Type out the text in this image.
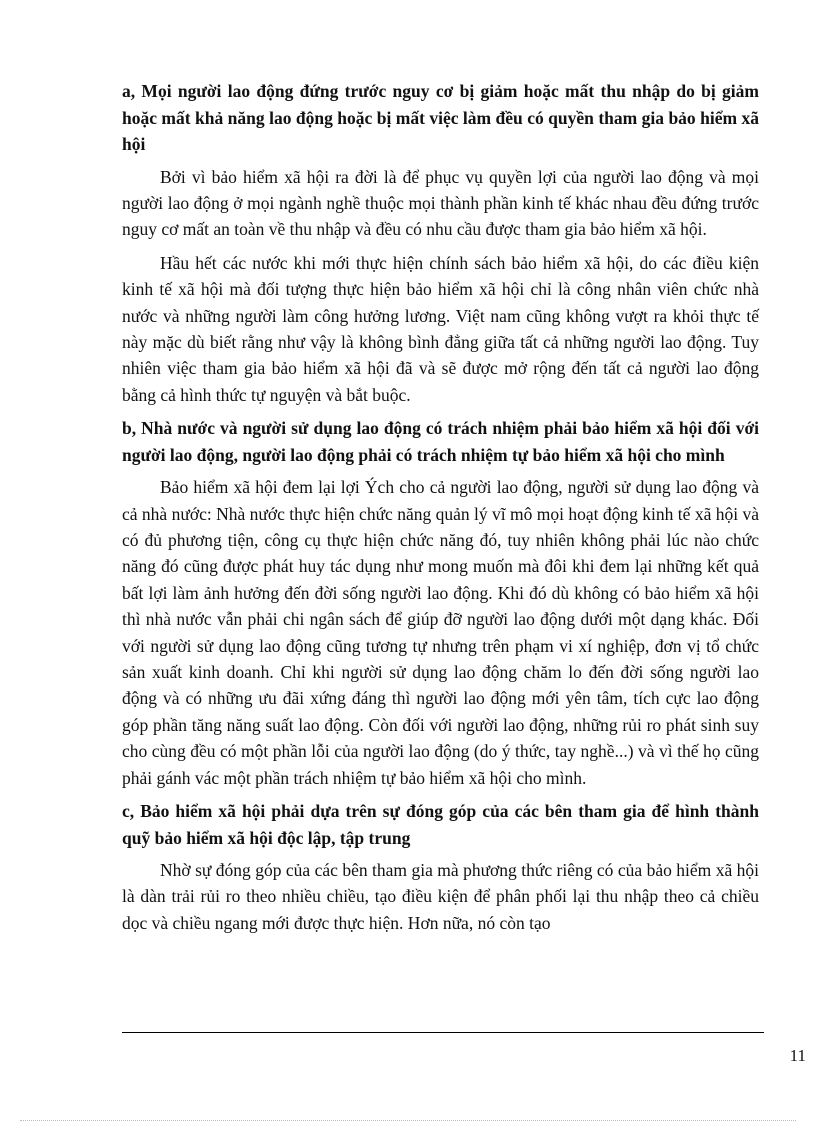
a, Mọi người lao động đứng trước nguy cơ bị giảm hoặc mất thu nhập do bị giảm hoặc mất khả năng lao động hoặc bị mất việc làm đều có quyền tham gia bảo hiểm xã hội

Bởi vì bảo hiểm xã hội ra đời là để phục vụ quyền lợi của người lao động và mọi người lao động ở mọi ngành nghề thuộc mọi thành phần kinh tế khác nhau đều đứng trước nguy cơ mất an toàn về thu nhập và đều có nhu cầu được tham gia bảo hiểm xã hội.

Hầu hết các nước khi mới thực hiện chính sách bảo hiểm xã hội, do các điều kiện kinh tế xã hội mà đối tượng thực hiện bảo hiểm xã hội chỉ là công nhân viên chức nhà nước và những người làm công hưởng lương. Việt nam cũng không vượt ra khỏi thực tế này mặc dù biết rằng như vậy là không bình đẳng giữa tất cả những người lao động. Tuy nhiên việc tham gia bảo hiểm xã hội đã và sẽ được mở rộng đến tất cả người lao động bằng cả hình thức tự nguyện và bắt buộc.

b, Nhà nước và người sử dụng lao động có trách nhiệm phải bảo hiểm xã hội đối với người lao động, người lao động phải có trách nhiệm tự bảo hiểm xã hội cho mình

Bảo hiểm xã hội đem lại lợi Ých cho cả người lao động, người sử dụng lao động và cả nhà nước: Nhà nước thực hiện chức năng quản lý vĩ mô mọi hoạt động kinh tế xã hội và có đủ phương tiện, công cụ thực hiện chức năng đó, tuy nhiên không phải lúc nào chức năng đó cũng được phát huy tác dụng như mong muốn mà đôi khi đem lại những kết quả bất lợi làm ảnh hưởng đến đời sống người lao động. Khi đó dù không có bảo hiểm xã hội thì nhà nước vẫn phải chi ngân sách để giúp đỡ người lao động dưới một dạng khác. Đối với người sử dụng lao động cũng tương tự nhưng trên phạm vi xí nghiệp, đơn vị tổ chức sản xuất kinh doanh. Chỉ khi người sử dụng lao động chăm lo đến đời sống người lao động và có những ưu đãi xứng đáng thì người lao động mới yên tâm, tích cực lao động góp phần tăng năng suất lao động. Còn đối với người lao động, những rủi ro phát sinh suy cho cùng đều có một phần lỗi của người lao động (do ý thức, tay nghề...) và vì thế họ cũng phải gánh vác một phần trách nhiệm tự bảo hiểm xã hội cho mình.

c, Bảo hiểm xã hội phải dựa trên sự đóng góp của các bên tham gia để hình thành quỹ bảo hiểm xã hội độc lập, tập trung

Nhờ sự đóng góp của các bên tham gia mà phương thức riêng có của bảo hiểm xã hội là dàn trải rủi ro theo nhiều chiều, tạo điều kiện để phân phối lại thu nhập theo cả chiều dọc và chiều ngang mới được thực hiện. Hơn nữa, nó còn tạo

11
